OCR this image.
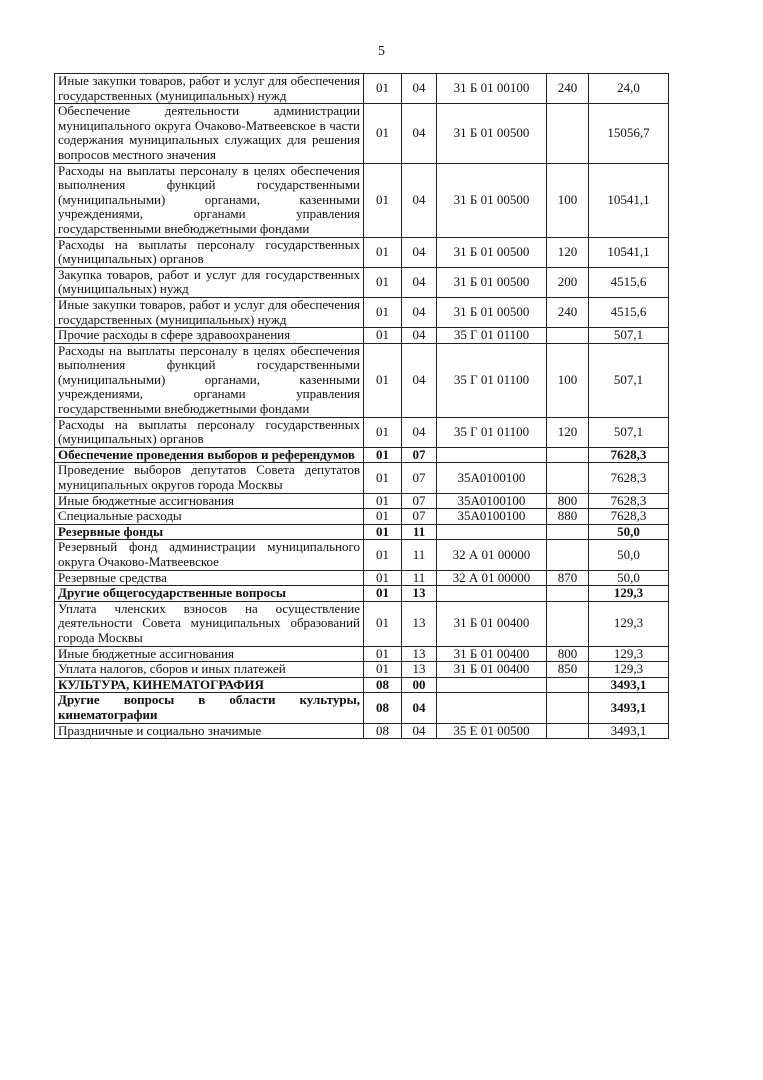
5
Иные закупки товаров, работ и услуг для обеспечения государственных (муниципальных) нужд	01	04	31 Б 01 00100	240	24,0
Обеспечение деятельности администрации муниципального округа Очаково-Матвеевское в части содержания муниципальных служащих для решения вопросов местного значения	01	04	31 Б 01 00500		15056,7
Расходы на выплаты персоналу в целях обеспечения выполнения функций государственными (муниципальными) органами, казенными учреждениями, органами управления государственными внебюджетными фондами	01	04	31 Б 01 00500	100	10541,1
Расходы на выплаты персоналу государственных (муниципальных) органов	01	04	31 Б 01 00500	120	10541,1
Закупка товаров, работ и услуг для государственных (муниципальных) нужд	01	04	31 Б 01 00500	200	4515,6
Иные закупки товаров, работ и услуг для обеспечения государственных (муниципальных) нужд	01	04	31 Б 01 00500	240	4515,6
Прочие расходы в сфере здравоохранения	01	04	35 Г 01 01100		507,1
Расходы на выплаты персоналу в целях обеспечения выполнения функций государственными (муниципальными) органами, казенными учреждениями, органами управления государственными внебюджетными фондами	01	04	35 Г 01 01100	100	507,1
Расходы на выплаты персоналу государственных (муниципальных) органов	01	04	35 Г 01 01100	120	507,1
Обеспечение проведения выборов и референдумов	01	07			7628,3
Проведение выборов депутатов Совета депутатов муниципальных округов города Москвы	01	07	35А0100100		7628,3
Иные бюджетные ассигнования	01	07	35А0100100	800	7628,3
Специальные расходы	01	07	35А0100100	880	7628,3
Резервные фонды	01	11			50,0
Резервный фонд администрации муниципального округа Очаково-Матвеевское	01	11	32 А 01 00000		50,0
Резервные средства	01	11	32 А 01 00000	870	50,0
Другие общегосударственные вопросы	01	13			129,3
Уплата членских взносов на осуществление деятельности Совета муниципальных образований города Москвы	01	13	31 Б 01 00400		129,3
Иные бюджетные ассигнования	01	13	31 Б 01 00400	800	129,3
Уплата налогов, сборов и иных платежей	01	13	31 Б 01 00400	850	129,3
КУЛЬТУРА, КИНЕМАТОГРАФИЯ	08	00			3493,1
Другие вопросы в области культуры, кинематографии	08	04			3493,1
Праздничные и социально значимые	08	04	35 Е 01 00500		3493,1
